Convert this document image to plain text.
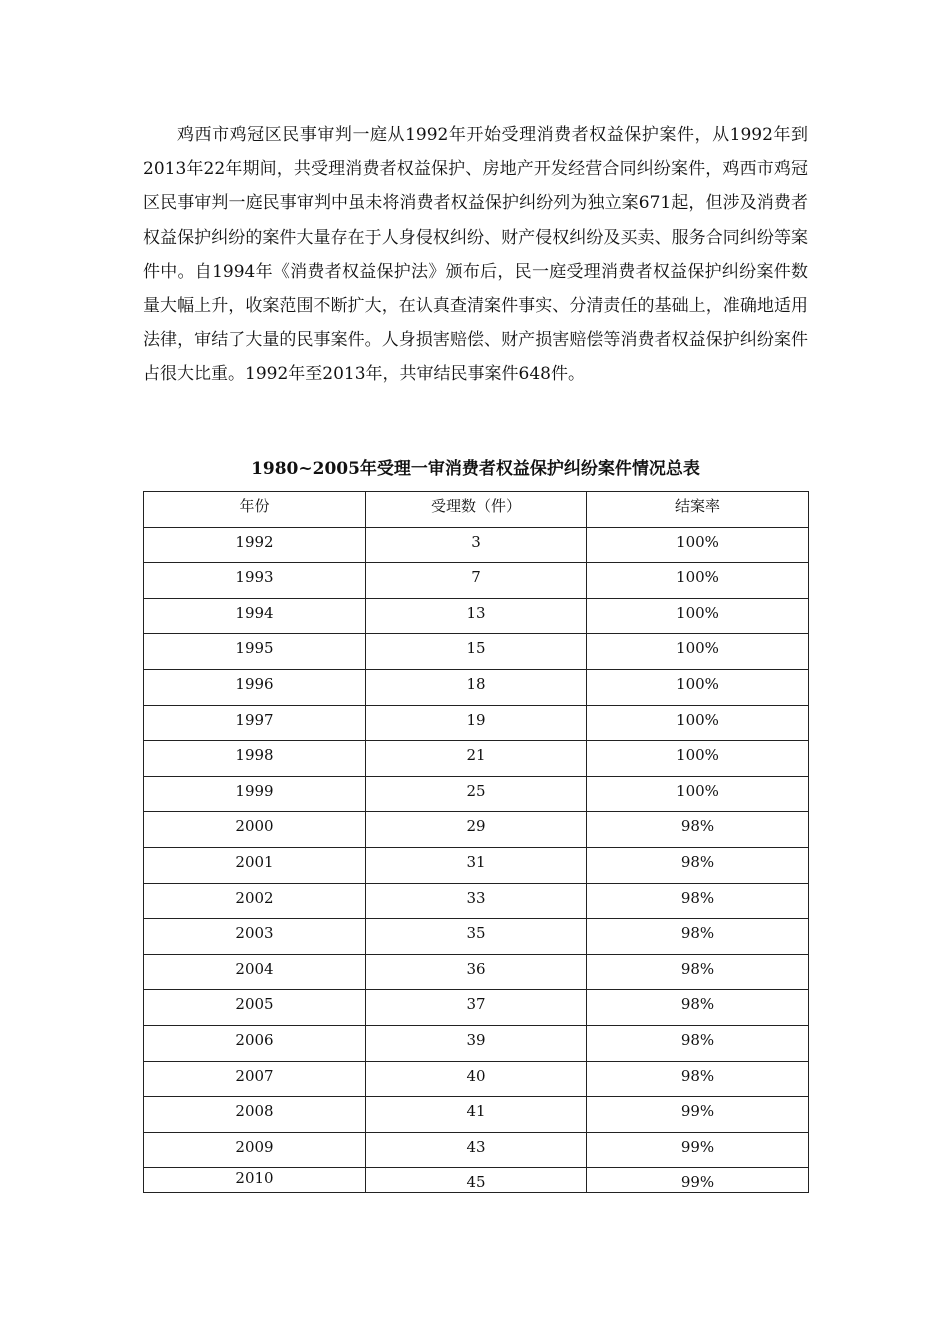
鸡西市鸡冠区民事审判一庭从1992年开始受理消费者权益保护案件，从1992年到2013年22年期间，共受理消费者权益保护、房地产开发经营合同纠纷案件，鸡西市鸡冠区民事审判一庭民事审判中虽未将消费者权益保护纠纷列为独立案671起，但涉及消费者权益保护纠纷的案件大量存在于人身侵权纠纷、财产侵权纠纷及买卖、服务合同纠纷等案件中。自1994年《消费者权益保护法》颁布后，民一庭受理消费者权益保护纠纷案件数量大幅上升，收案范围不断扩大，在认真查清案件事实、分清责任的基础上，准确地适用法律，审结了大量的民事案件。人身损害赔偿、财产损害赔偿等消费者权益保护纠纷案件占很大比重。1992年至2013年，共审结民事案件648件。

1980~2005年受理一审消费者权益保护纠纷案件情况总表

年份	受理数（件）	结案率
1992	3	100%
1993	7	100%
1994	13	100%
1995	15	100%
1996	18	100%
1997	19	100%
1998	21	100%
1999	25	100%
2000	29	98%
2001	31	98%
2002	33	98%
2003	35	98%
2004	36	98%
2005	37	98%
2006	39	98%
2007	40	98%
2008	41	99%
2009	43	99%
2010	45	99%
